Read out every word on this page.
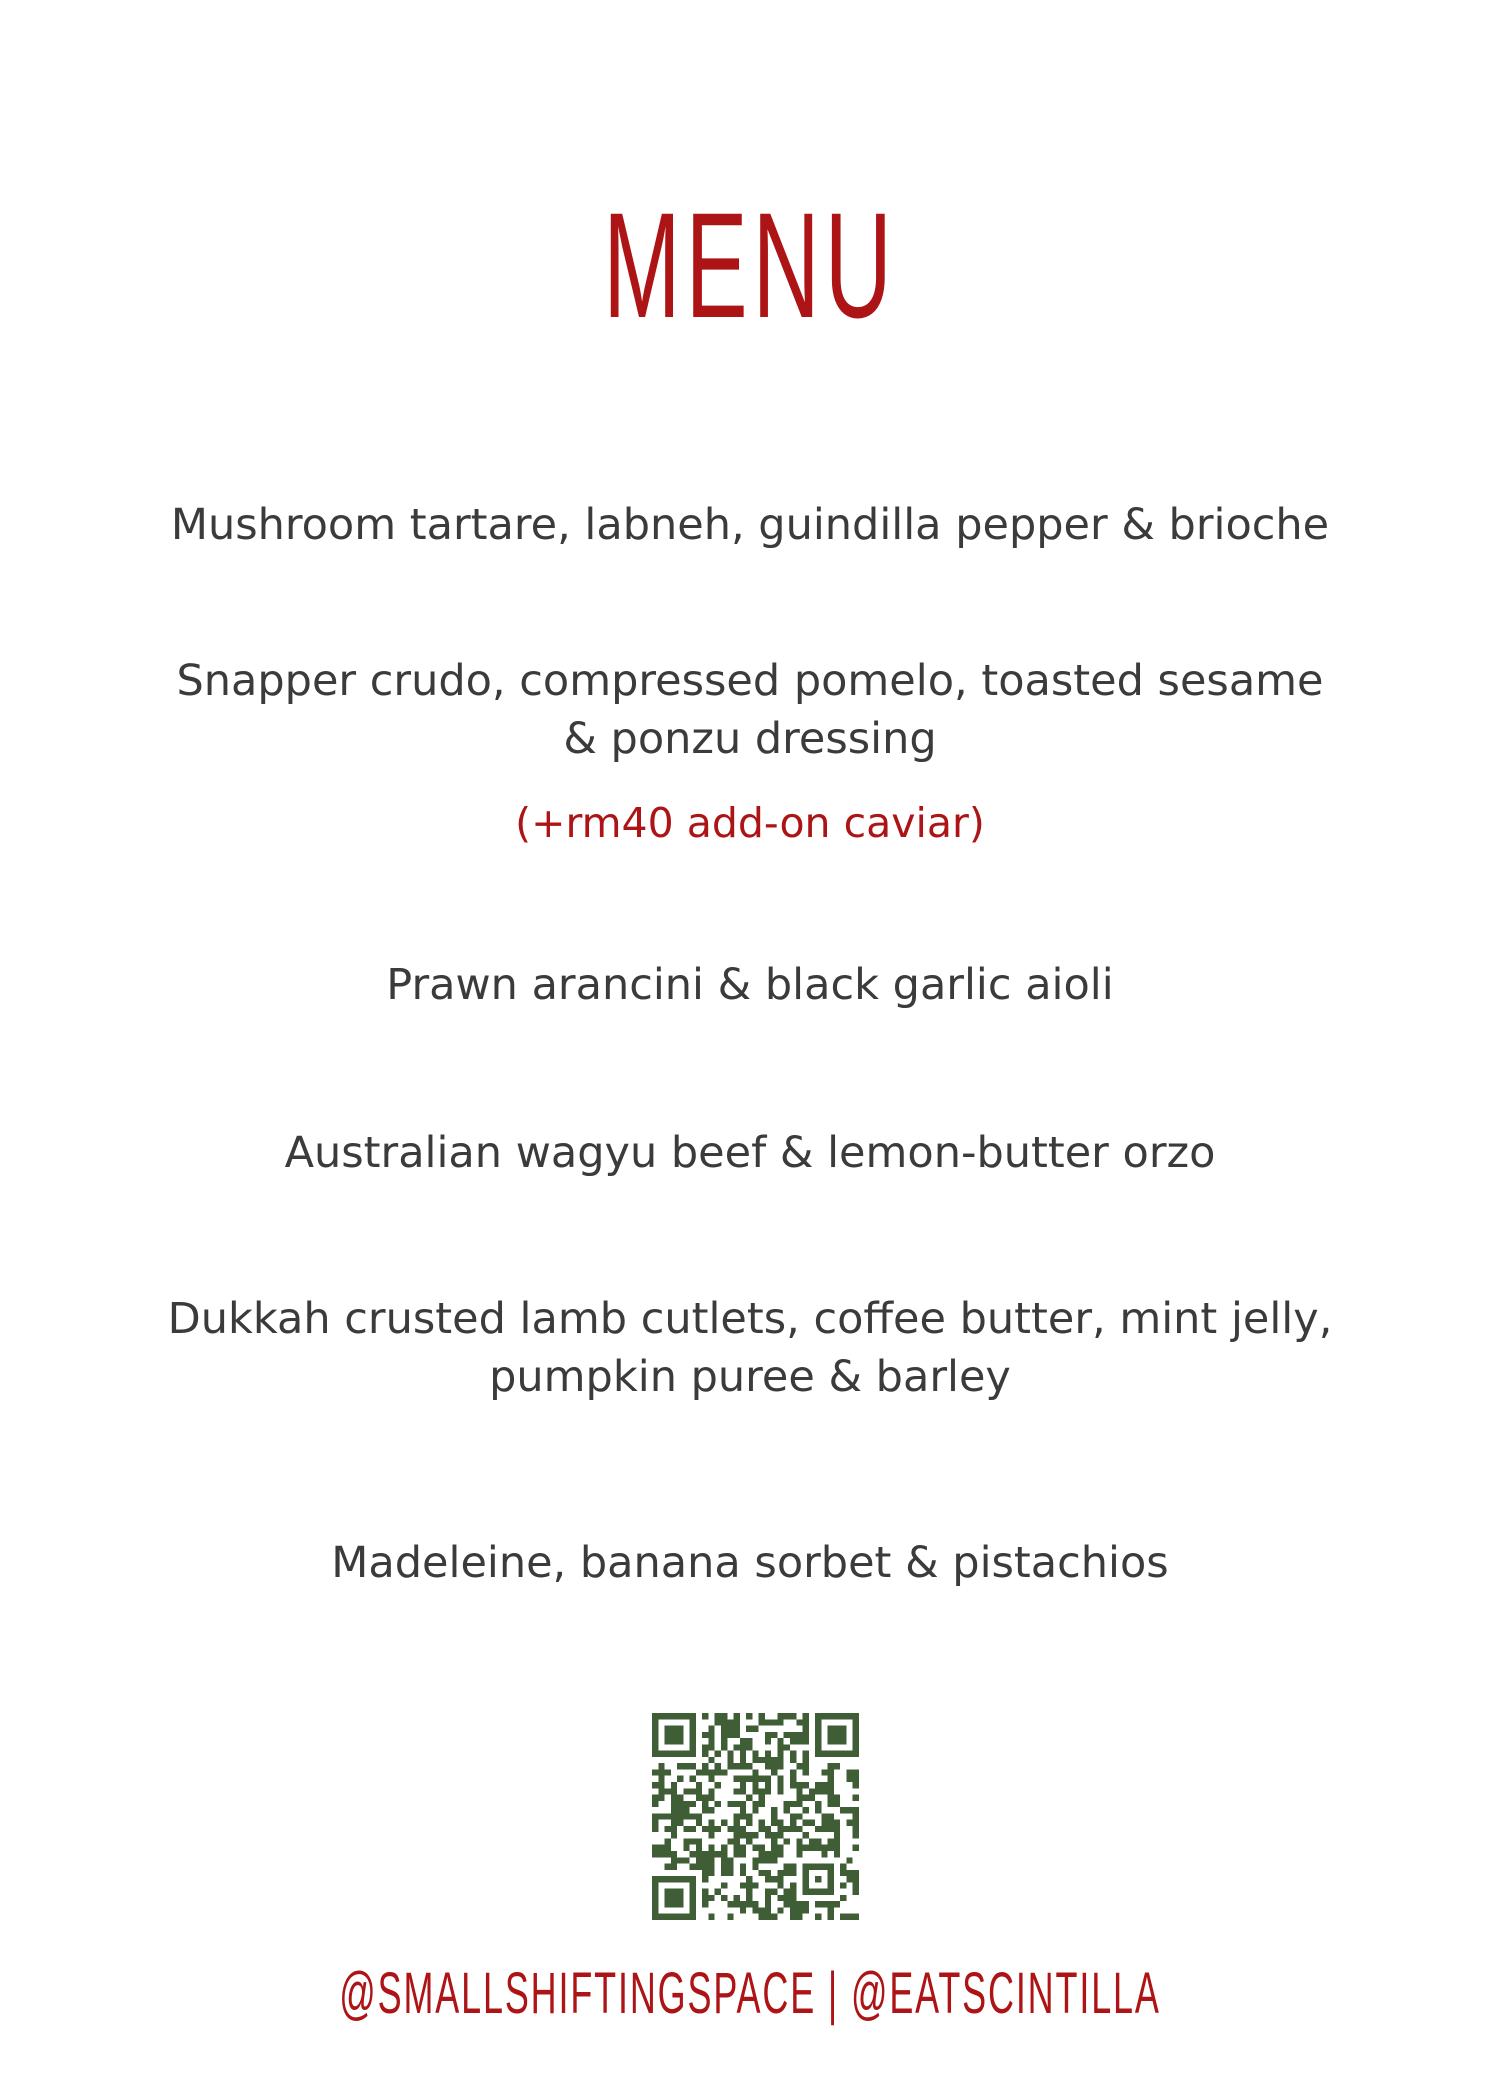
MENU
Mushroom tartare, labneh, guindilla pepper & brioche
Snapper crudo, compressed pomelo, toasted sesame
& ponzu dressing
(+rm40 add-on caviar)
Prawn arancini & black garlic aioli
Australian wagyu beef & lemon-butter orzo
Dukkah crusted lamb cutlets, coffee butter, mint jelly,
pumpkin puree & barley
Madeleine, banana sorbet & pistachios
@SMALLSHIFTINGSPACE | @EATSCINTILLA
